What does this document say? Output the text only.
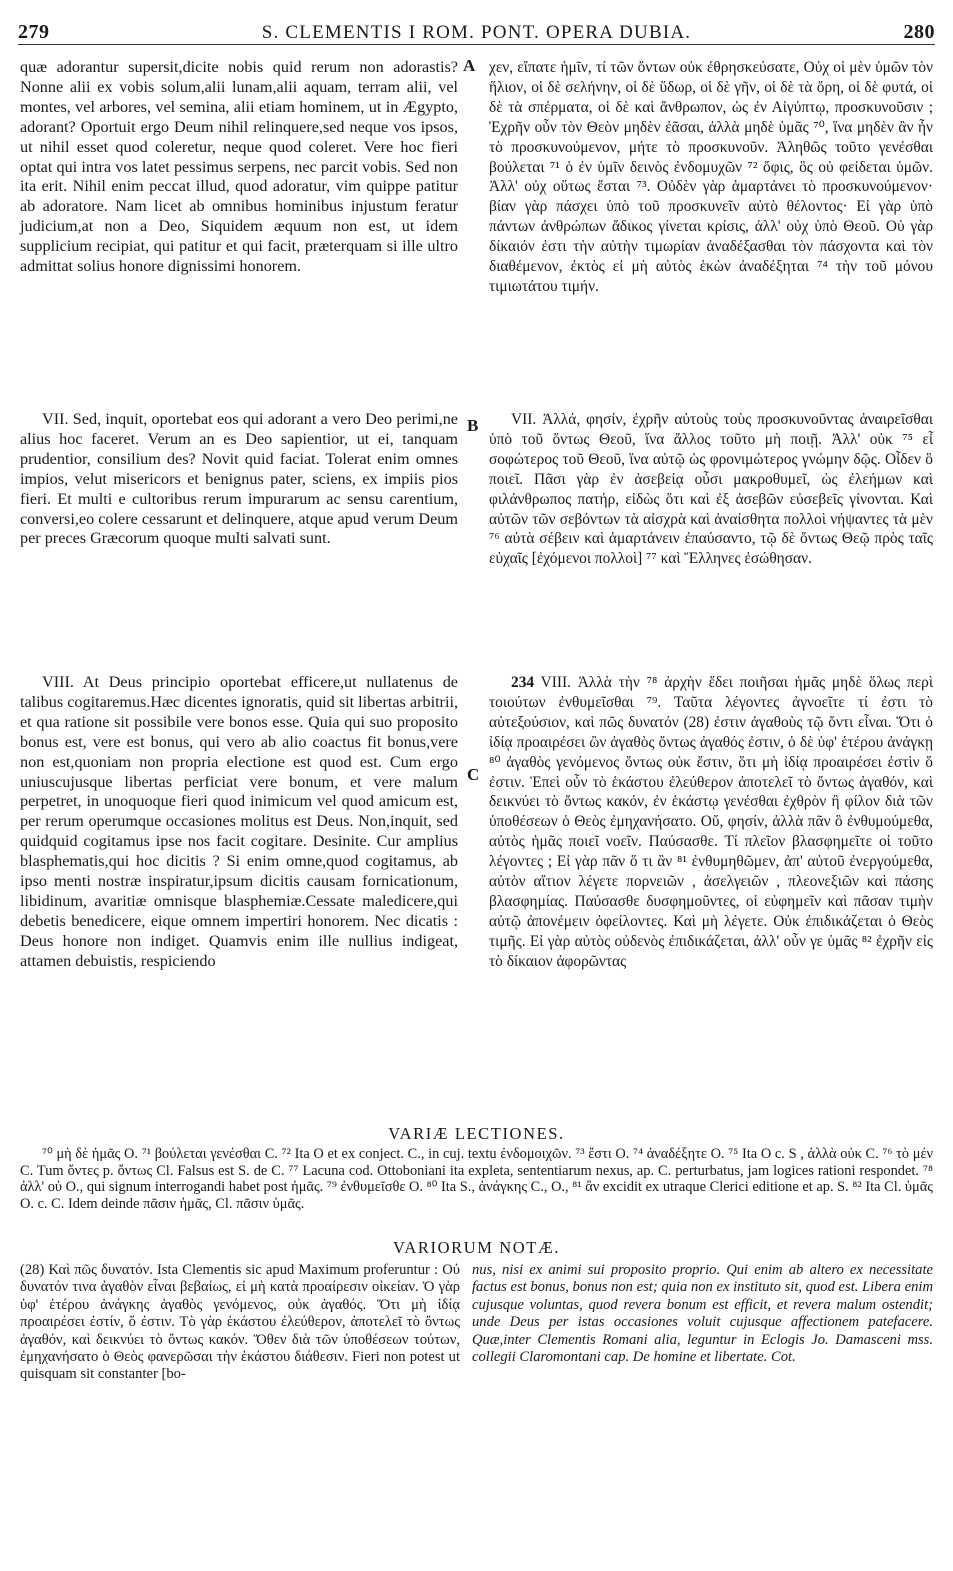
279	S. CLEMENTIS I ROM. PONT. OPERA DUBIA.	280
A
B
C

quæ adorantur supersit,dicite nobis quid rerum non adorastis? Nonne alii ex vobis solum,alii lunam,alii aquam, terram alii, vel montes, vel arbores, vel semina, alii etiam hominem, ut in Ægypto, adorant? Oportuit ergo Deum nihil relinquere,sed neque vos ipsos, ut nihil esset quod coleretur, neque quod coleret. Vere hoc fieri optat qui intra vos latet pessimus serpens, nec parcit vobis. Sed non ita erit. Nihil enim peccat illud, quod adoratur, vim quippe patitur ab adoratore. Nam licet ab omnibus hominibus injustum feratur judicium,at non a Deo, Siquidem æquum non est, ut idem supplicium recipiat, qui patitur et qui facit, præterquam si ille ultro admittat solius honore dignissimi honorem.

VII. Sed, inquit, oportebat eos qui adorant a vero Deo perimi,ne alius hoc faceret. Verum an es Deo sapientior, ut ei, tanquam prudentior, consilium des? Novit quid faciat. Tolerat enim omnes impios, velut misericors et benignus pater, sciens, ex impiis pios fieri. Et multi e cultoribus rerum impurarum ac sensu carentium, conversi,eo colere cessarunt et delinquere, atque apud verum Deum per preces Græcorum quoque multi salvati sunt.

VIII. At Deus principio oportebat efficere,ut nullatenus de talibus cogitaremus.Hæc dicentes ignoratis, quid sit libertas arbitrii, et qua ratione sit possibile vere bonos esse. Quia qui suo proposito bonus est, vere est bonus, qui vero ab alio coactus fit bonus,vere non est,quoniam non propria electione est quod est. Cum ergo uniuscujusque libertas perficiat vere bonum, et vere malum perpetret, in unoquoque fieri quod inimicum vel quod amicum est, per rerum operumque occasiones molitus est Deus. Non,inquit, sed quidquid cogitamus ipse nos facit cogitare. Desinite. Cur amplius blasphematis,qui hoc dicitis ? Si enim omne,quod cogitamus, ab ipso menti nostræ inspiratur,ipsum dicitis causam fornicationum, libidinum, avaritiæ omnisque blasphemiæ.Cessate maledicere,qui debetis benedicere, eique omnem impertiri honorem. Nec dicatis : Deus honore non indiget. Quamvis enim ille nullius indigeat, attamen debuistis, respiciendo

χεν, εἴπατε ἡμῖν, τί τῶν ὄντων οὐκ ἐθρησκεύσατε, Οὐχ οἱ μὲν ὑμῶν τὸν ἥλιον, οἱ δὲ σελήνην, οἱ δὲ ὕδωρ, οἱ δὲ γῆν, οἱ δὲ τὰ ὄρη, οἱ δὲ φυτά, οἱ δὲ τὰ σπέρματα, οἱ δὲ καὶ ἄνθρωπον, ὡς ἐν Αἰγύπτῳ, προσκυνοῦσιν ; Ἐχρῆν οὖν τὸν Θεὸν μηδὲν ἐᾶσαι, ἀλλὰ μηδὲ ὑμᾶς ⁷⁰, ἵνα μηδὲν ἂν ἦν τὸ προσκυνούμενον, μήτε τὸ προσκυνοῦν. Ἀληθῶς τοῦτο γενέσθαι βούλεται ⁷¹ ὁ ἐν ὑμῖν δεινὸς ἐνδομυχῶν ⁷² ὄφις, ὃς οὐ φείδεται ὑμῶν. Ἀλλ' οὐχ οὕτως ἔσται ⁷³. Οὐδὲν γὰρ ἁμαρτάνει τὸ προσκυνούμενον· βίαν γὰρ πάσχει ὑπὸ τοῦ προσκυνεῖν αὐτὸ θέλοντος· Εἰ γὰρ ὑπὸ πάντων ἀνθρώπων ἄδικος γίνεται κρίσις, ἀλλ' οὐχ ὑπὸ Θεοῦ. Οὐ γὰρ δίκαιόν ἐστι τὴν αὐτὴν τιμωρίαν ἀναδέξασθαι τὸν πάσχοντα καὶ τὸν διαθέμενον, ἐκτὸς εἰ μὴ αὐτὸς ἑκὼν ἀναδέξηται ⁷⁴ τὴν τοῦ μόνου τιμιωτάτου τιμήν.

VII. Ἀλλά, φησίν, ἐχρῆν αὐτοὺς τοὺς προσκυνοῦντας ἀναιρεῖσθαι ὑπὸ τοῦ ὄντως Θεοῦ, ἵνα ἄλλος τοῦτο μὴ ποιῇ. Ἀλλ' οὐκ ⁷⁵ εἶ σοφώτερος τοῦ Θεοῦ, ἵνα αὐτῷ ὡς φρονιμώτερος γνώμην δῷς. Οἶδεν ὃ ποιεῖ. Πᾶσι γὰρ ἐν ἀσεβείᾳ οὖσι μακροθυμεῖ, ὡς ἐλεήμων καὶ φιλάνθρωπος πατήρ, εἰδὼς ὅτι καὶ ἐξ ἀσεβῶν εὐσεβεῖς γίνονται. Καὶ αὐτῶν τῶν σεβόντων τὰ αἰσχρὰ καὶ ἀναίσθητα πολλοὶ νήψαντες τὰ μὲν ⁷⁶ αὐτὰ σέβειν καὶ ἁμαρτάνειν ἐπαύσαντο, τῷ δὲ ὄντως Θεῷ πρὸς ταῖς εὐχαῖς [ἐχόμενοι πολλοὶ] ⁷⁷ καὶ Ἕλληνες ἐσώθησαν.

234 VIII. Ἀλλὰ τὴν ⁷⁸ ἀρχὴν ἔδει ποιῆσαι ἡμᾶς μηδὲ ὅλως περὶ τοιούτων ἐνθυμεῖσθαι ⁷⁹. Ταῦτα λέγοντες ἀγνοεῖτε τί ἐστι τὸ αὐτεξούσιον, καὶ πῶς δυνατόν (28) ἐστιν ἀγαθοὺς τῷ ὄντι εἶναι. Ὅτι ὁ ἰδίᾳ προαιρέσει ὢν ἀγαθὸς ὄντως ἀγαθός ἐστιν, ὁ δὲ ὑφ' ἑτέρου ἀνάγκῃ ⁸⁰ ἀγαθὸς γενόμενος ὄντως οὐκ ἔστιν, ὅτι μὴ ἰδίᾳ προαιρέσει ἐστὶν ὅ ἐστιν. Ἐπεὶ οὖν τὸ ἑκάστου ἐλεύθερον ἀποτελεῖ τὸ ὄντως ἀγαθόν, καὶ δεικνύει τὸ ὄντως κακόν, ἐν ἑκάστῳ γενέσθαι ἐχθρὸν ἢ φίλον διὰ τῶν ὑποθέσεων ὁ Θεὸς ἐμηχανήσατο. Οὔ, φησίν, ἀλλὰ πᾶν ὃ ἐνθυμούμεθα, αὐτὸς ἡμᾶς ποιεῖ νοεῖν. Παύσασθε. Τί πλεῖον βλασφημεῖτε οἱ τοῦτο λέγοντες ; Εἰ γὰρ πᾶν ὅ τι ἂν ⁸¹ ἐνθυμηθῶμεν, ἀπ' αὐτοῦ ἐνεργούμεθα, αὐτὸν αἴτιον λέγετε πορνειῶν , ἀσελγειῶν , πλεονεξιῶν καὶ πάσης βλασφημίας. Παύσασθε δυσφημοῦντες, οἱ εὐφημεῖν καὶ πᾶσαν τιμὴν αὐτῷ ἀπονέμειν ὀφείλοντες. Καὶ μὴ λέγετε. Οὐκ ἐπιδικάζεται ὁ Θεὸς τιμῆς. Εἰ γὰρ αὐτὸς οὐδενὸς ἐπιδικάζεται, ἀλλ' οὖν γε ὑμᾶς ⁸² ἐχρῆν εἰς τὸ δίκαιον ἀφορῶντας

VARIÆ LECTIONES.

⁷⁰ μὴ δὲ ἡμᾶς O. ⁷¹ βούλεται γενέσθαι C. ⁷² Ita O et ex conject. C., in cuj. textu ἐνδομοιχῶν. ⁷³ ἔστι O. ⁷⁴ ἀναδέξητε O. ⁷⁵ Ita O c. S , ἀλλὰ οὐκ C. ⁷⁶ τὸ μέν C. Tum ὄντες p. ὄντως Cl. Falsus est S. de C. ⁷⁷ Lacuna cod. Ottoboniani ita expleta, sententiarum nexus, ap. C. perturbatus, jam logices rationi respondet. ⁷⁸ ἀλλ' οὐ O., qui signum interrogandi habet post ἡμᾶς. ⁷⁹ ἐνθυμεῖσθε O. ⁸⁰ Ita S., ἀνάγκης C., O., ⁸¹ ἂν excidit ex utraque Clerici editione et ap. S. ⁸² Ita Cl. ὑμᾶς O. c. C. Idem deinde πᾶσιν ἡμᾶς, Cl. πᾶσιν ὑμᾶς.

VARIORUM NOTÆ.

(28) Καὶ πῶς δυνατόν. Ista Clementis sic apud Maximum proferuntur : Οὐ δυνατόν τινα ἀγαθὸν εἶναι βεβαίως, εἰ μὴ κατὰ προαίρεσιν οἰκείαν. Ὁ γὰρ ὑφ' ἑτέρου ἀνάγκης ἀγαθὸς γενόμενος, οὐκ ἀγαθός. Ὅτι μὴ ἰδίᾳ προαιρέσει ἐστίν, ὅ ἐστιν. Τὸ γὰρ ἑκάστου ἐλεύθερον, ἀποτελεῖ τὸ ὄντως ἀγαθόν, καὶ δεικνύει τὸ ὄντως κακόν. Ὅθεν διὰ τῶν ὑποθέσεων τούτων, ἐμηχανήσατο ὁ Θεὸς φανερῶσαι τὴν ἑκάστου διάθεσιν. Fieri non potest ut quisquam sit constanter [bo-

nus, nisi ex animi sui proposito proprio. Qui enim ab altero ex necessitate factus est bonus, bonus non est; quia non ex instituto sit, quod est. Libera enim cujusque voluntas, quod revera bonum est efficit, et revera malum ostendit; unde Deus per istas occasiones voluit cujusque affectionem patefacere. Quæ,inter Clementis Romani alia, leguntur in Eclogis Jo. Damasceni mss. collegii Claromontani cap. De homine et libertate. Cot.
